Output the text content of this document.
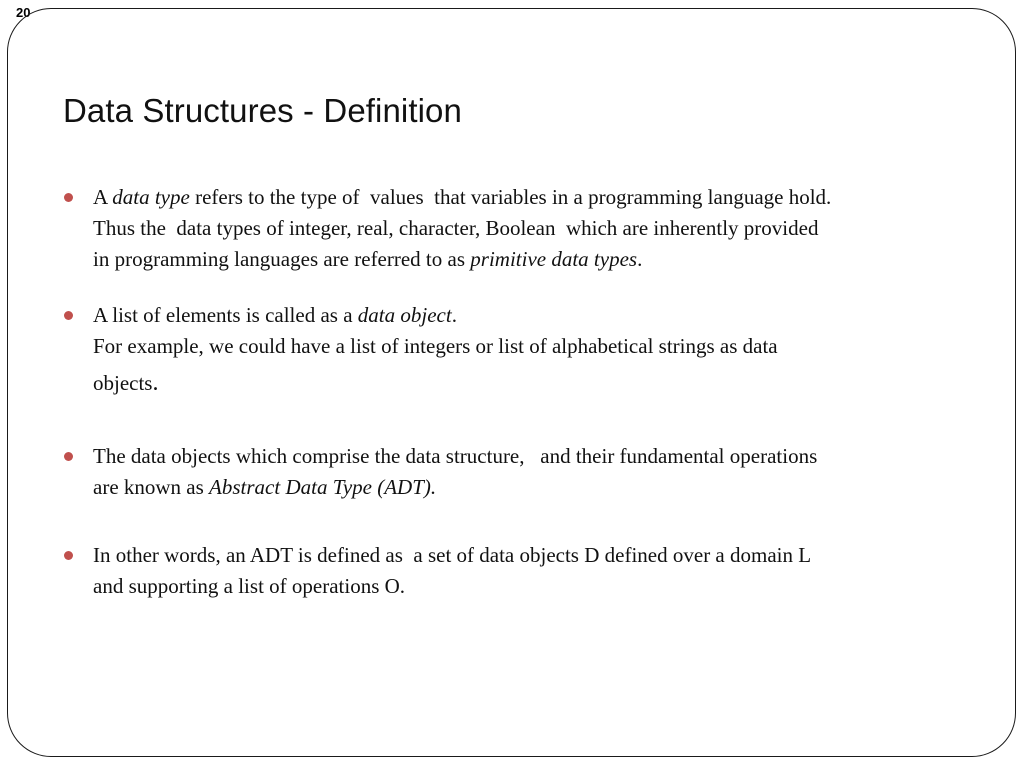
20
Data Structures - Definition
A data type refers to the type of  values  that variables in a programming language hold.
Thus the  data types of integer, real, character, Boolean  which are inherently provided
in programming languages are referred to as primitive data types.
A list of elements is called as a data object.
For example, we could have a list of integers or list of alphabetical strings as data
objects.
The data objects which comprise the data structure,   and their fundamental operations
are known as Abstract Data Type (ADT).
In other words, an ADT is defined as  a set of data objects D defined over a domain L
and supporting a list of operations O.
